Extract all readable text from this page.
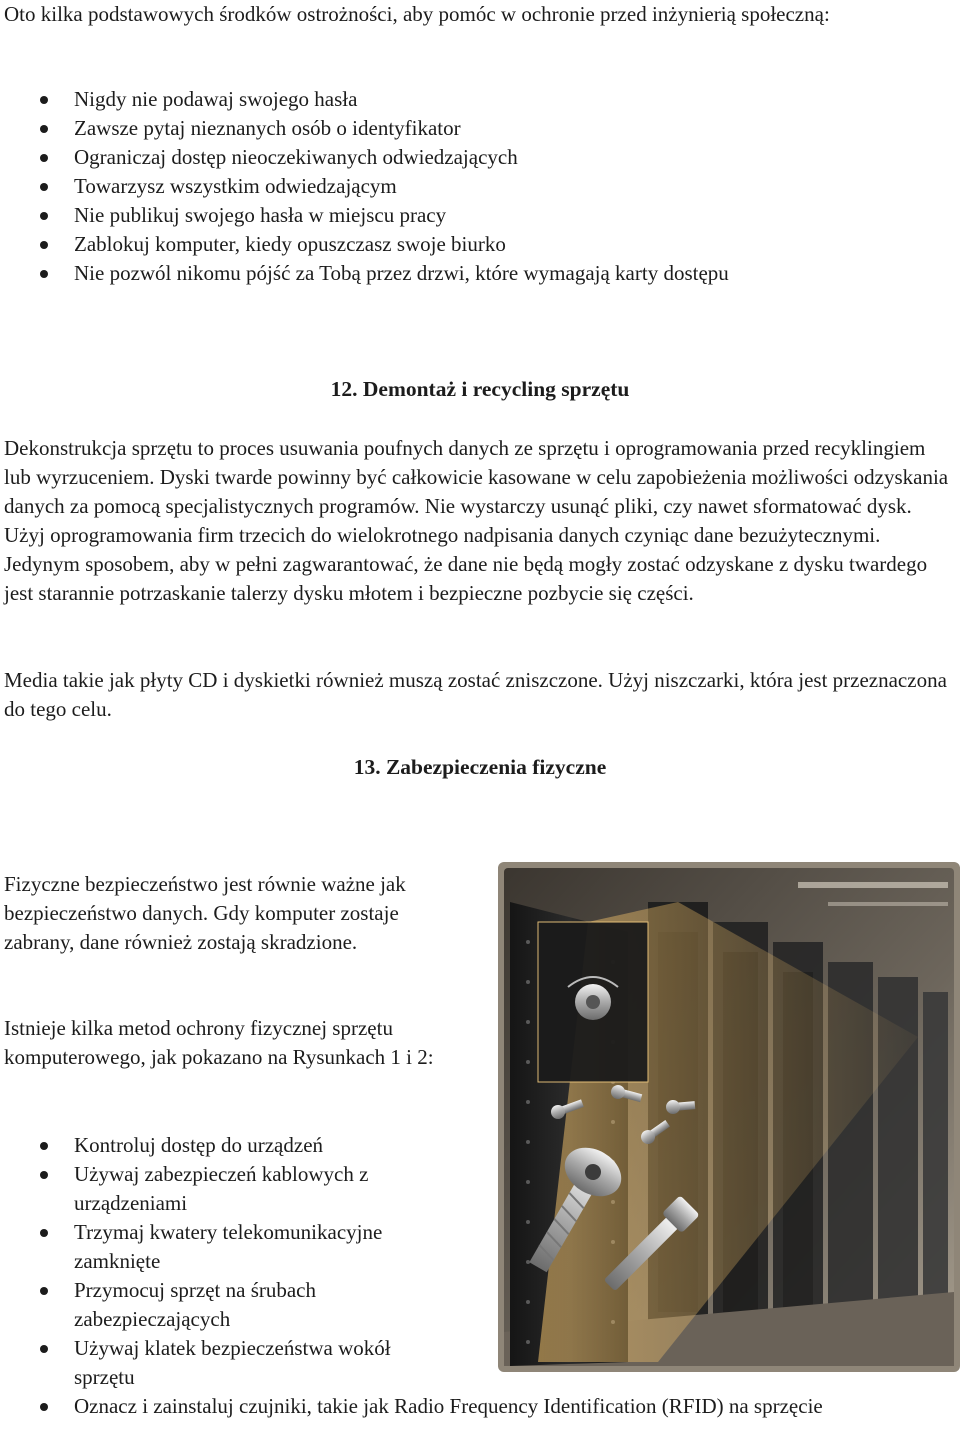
Oto kilka podstawowych środków ostrożności, aby pomóc w ochronie przed inżynierią społeczną:

Nigdy nie podawaj swojego hasła
Zawsze pytaj nieznanych osób o identyfikator
Ograniczaj dostęp nieoczekiwanych odwiedzających
Towarzysz wszystkim odwiedzającym
Nie publikuj swojego hasła w miejscu pracy
Zablokuj komputer, kiedy opuszczasz swoje biurko
Nie pozwól nikomu pójść za Tobą przez drzwi, które wymagają karty dostępu
12. Demontaż i recycling sprzętu

Dekonstrukcja sprzętu to proces usuwania poufnych danych ze sprzętu i oprogramowania przed recyklingiem lub wyrzuceniem. Dyski twarde powinny być całkowicie kasowane w celu zapobieżenia możliwości odzyskania danych za pomocą specjalistycznych programów. Nie wystarczy usunąć pliki, czy nawet sformatować dysk. Użyj oprogramowania firm trzecich do wielokrotnego nadpisania danych czyniąc dane bezużytecznymi. Jedynym sposobem, aby w pełni zagwarantować, że dane nie będą mogły zostać odzyskane z dysku twardego jest starannie potrzaskanie talerzy dysku młotem i bezpieczne pozbycie się części.

Media takie jak płyty CD i dyskietki również muszą zostać zniszczone. Użyj niszczarki, która jest przeznaczona do tego celu.

13. Zabezpieczenia fizyczne

Fizyczne bezpieczeństwo jest równie ważne jak bezpieczeństwo danych. Gdy komputer zostaje zabrany, dane również zostają skradzione.

Istnieje kilka metod ochrony fizycznej sprzętu komputerowego, jak pokazano na Rysunkach 1 i 2:

Kontroluj dostęp do urządzeń
Używaj zabezpieczeń kablowych z urządzeniami
Trzymaj kwatery telekomunikacyjne zamknięte
Przymocuj sprzęt na śrubach zabezpieczających
Używaj klatek bezpieczeństwa wokół sprzętu
Oznacz i zainstaluj czujniki, takie jak Radio Frequency Identification (RFID) na sprzęcie
